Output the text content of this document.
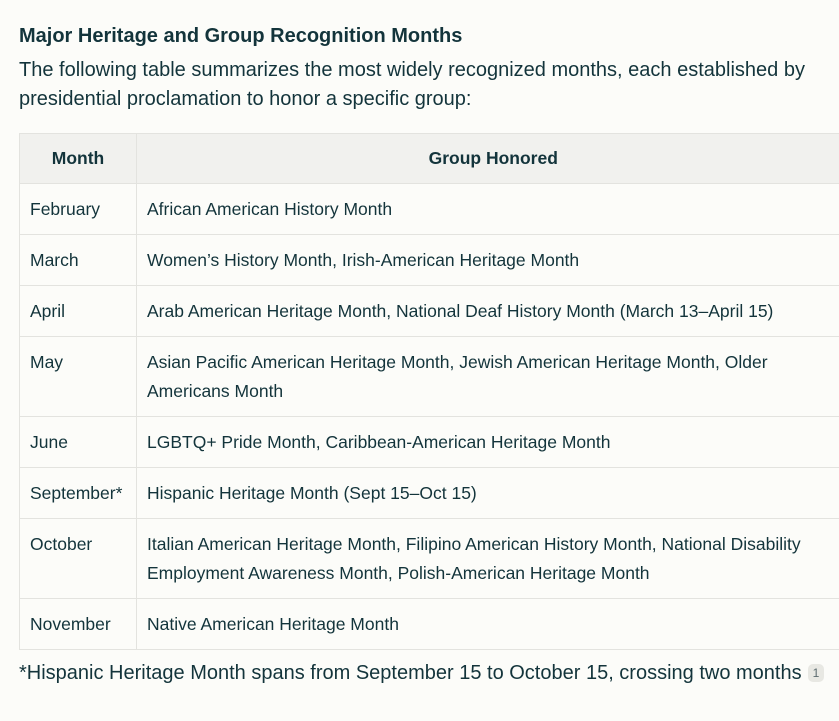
Major Heritage and Group Recognition Months

The following table summarizes the most widely recognized months, each established by presidential proclamation to honor a specific group:

Month	Group Honored
February	African American History Month
March	Women’s History Month, Irish-American Heritage Month
April	Arab American Heritage Month, National Deaf History Month (March 13–April 15)
May	Asian Pacific American Heritage Month, Jewish American Heritage Month, Older Americans Month
June	LGBTQ+ Pride Month, Caribbean-American Heritage Month
September*	Hispanic Heritage Month (Sept 15–Oct 15)
October	Italian American Heritage Month, Filipino American History Month, National Disability Employment Awareness Month, Polish-American Heritage Month
November	Native American Heritage Month

*Hispanic Heritage Month spans from September 15 to October 15, crossing two months 1
